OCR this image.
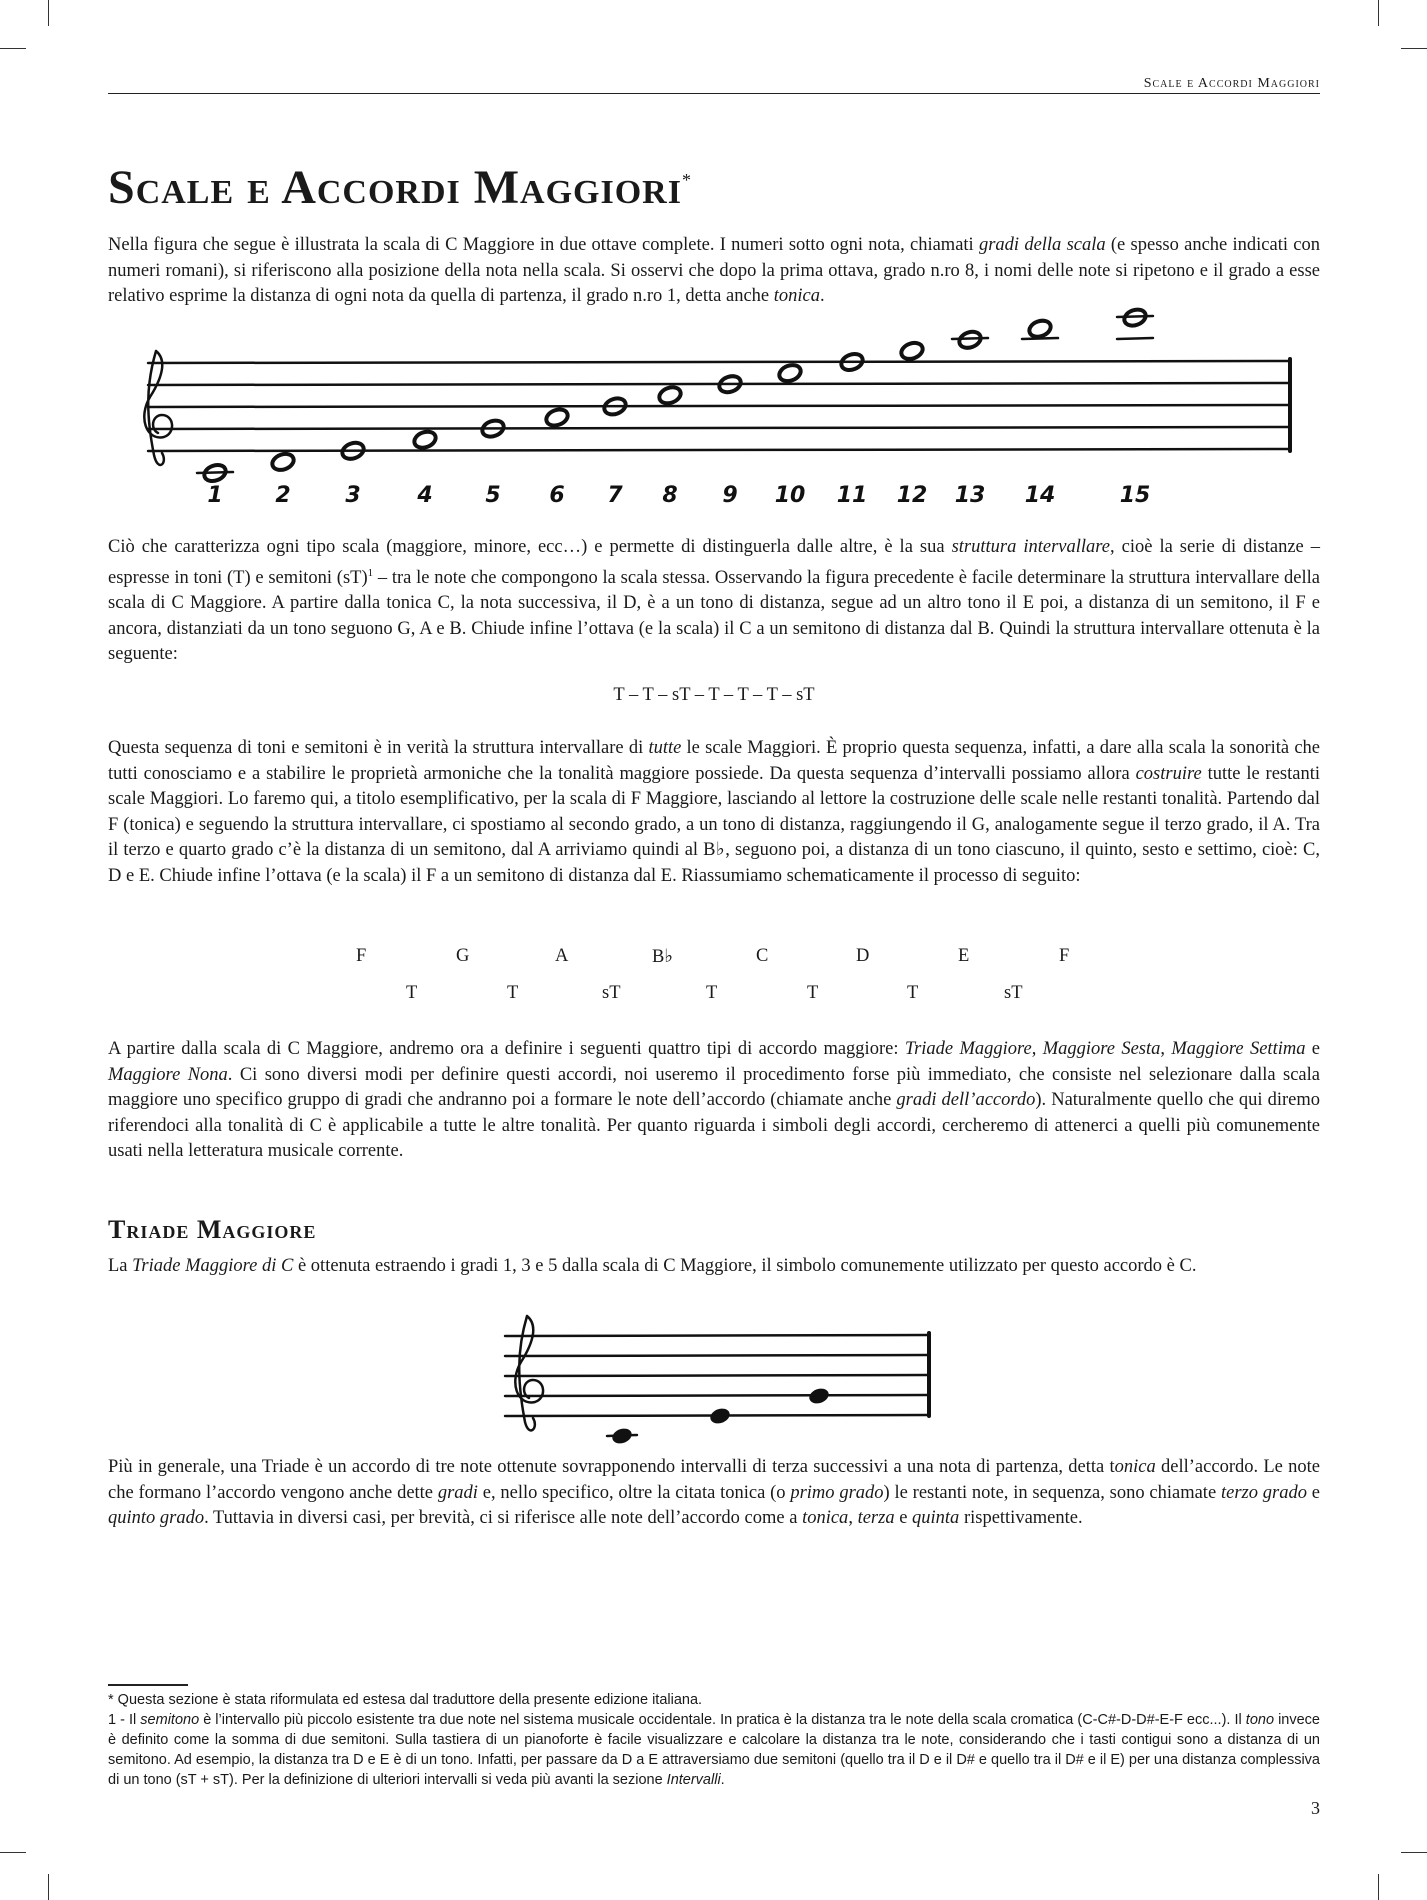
Scale e Accordi Maggiori
Scale e Accordi Maggiori*

Nella figura che segue è illustrata la scala di C Maggiore in due ottave complete. I numeri sotto ogni nota, chiamati gradi della scala (e spesso anche indicati con numeri romani), si riferiscono alla posizione della nota nella scala. Si osservi che dopo la prima ottava, grado n.ro 8, i nomi delle note si ripetono e il grado a esse relativo esprime la distanza di ogni nota da quella di partenza, il grado n.ro 1, detta anche tonica.

1 2 3	4 5 6 7 8 9 10 11 12 13 14	15

Ciò che caratterizza ogni tipo scala (maggiore, minore, ecc…) e permette di distinguerla dalle altre, è la sua struttura intervallare, cioè la serie di distanze – espresse in toni (T) e semitoni (sT)$^1$ – tra le note che compongono la scala stessa. Osservando la figura precedente è facile determinare la struttura intervallare della scala di C Maggiore. A partire dalla tonica C, la nota successiva, il D, è a un tono di distanza, segue ad un altro tono il E poi, a distanza di un semitono, il F e ancora, distanziati da un tono seguono G, A e B. Chiude infine l’ottava (e la scala) il C a un semitono di distanza dal B. Quindi la struttura intervallare ottenuta è la seguente:

T – T – sT – T – T – T – sT

Questa sequenza di toni e semitoni è in verità la struttura intervallare di tutte le scale Maggiori. È proprio questa sequenza, infatti, a dare alla scala la sonorità che tutti conosciamo e a stabilire le proprietà armoniche che la tonalità maggiore possiede. Da questa sequenza d’intervalli possiamo allora costruire tutte le restanti scale Maggiori. Lo faremo qui, a titolo esemplificativo, per la scala di F Maggiore, lasciando al lettore la costruzione delle scale nelle restanti tonalità. Partendo dal F (tonica) e seguendo la struttura intervallare, ci spostiamo al secondo grado, a un tono di distanza, raggiungendo il G, analogamente segue il terzo grado, il A. Tra il terzo e quarto grado c’è la distanza di un semitono, dal A arriviamo quindi al B♭, seguono poi, a distanza di un tono ciascuno, il quinto, sesto e settimo, cioè: C, D e E. Chiude infine l’ottava (e la scala) il F a un semitono di distanza dal E. Riassumiamo schematicamente il processo di seguito:

F	G	A	B♭	C	D	E	F
T	T	sT	T	T	T	sT

A partire dalla scala di C Maggiore, andremo ora a definire i seguenti quattro tipi di accordo maggiore: Triade Maggiore, Maggiore Sesta, Maggiore Settima e Maggiore Nona. Ci sono diversi modi per definire questi accordi, noi useremo il procedimento forse più immediato, che consiste nel selezionare dalla scala maggiore uno specifico gruppo di gradi che andranno poi a formare le note dell’accordo (chiamate anche gradi dell’accordo). Naturalmente quello che qui diremo riferendoci alla tonalità di C è applicabile a tutte le altre tonalità. Per quanto riguarda i simboli degli accordi, cercheremo di attenerci a quelli più comunemente usati nella letteratura musicale corrente.

Triade Maggiore

La Triade Maggiore di C è ottenuta estraendo i gradi 1, 3 e 5 dalla scala di C Maggiore, il simbolo comunemente utilizzato per questo accordo è C.

Più in generale, una Triade è un accordo di tre note ottenute sovrapponendo intervalli di terza successivi a una nota di partenza, detta tonica dell’accordo. Le note che formano l’accordo vengono anche dette gradi e, nello specifico, oltre la citata tonica (o primo grado) le restanti note, in sequenza, sono chiamate terzo grado e quinto grado. Tuttavia in diversi casi, per brevità, ci si riferisce alle note dell’accordo come a tonica, terza e quinta rispettivamente.

* Questa sezione è stata riformulata ed estesa dal traduttore della presente edizione italiana.

1 - Il semitono è l’intervallo più piccolo esistente tra due note nel sistema musicale occidentale. In pratica è la distanza tra le note della scala cromatica (C-C#-D-D#-E-F ecc...). Il tono invece è definito come la somma di due semitoni. Sulla tastiera di un pianoforte è facile visualizzare e calcolare la distanza tra le note, considerando che i tasti contigui sono a distanza di un semitono. Ad esempio, la distanza tra D e E è di un tono. Infatti, per passare da D a E attraversiamo due semitoni (quello tra il D e il D# e quello tra il D# e il E) per una distanza complessiva di un tono (sT + sT). Per la definizione di ulteriori intervalli si veda più avanti la sezione Intervalli.

3
